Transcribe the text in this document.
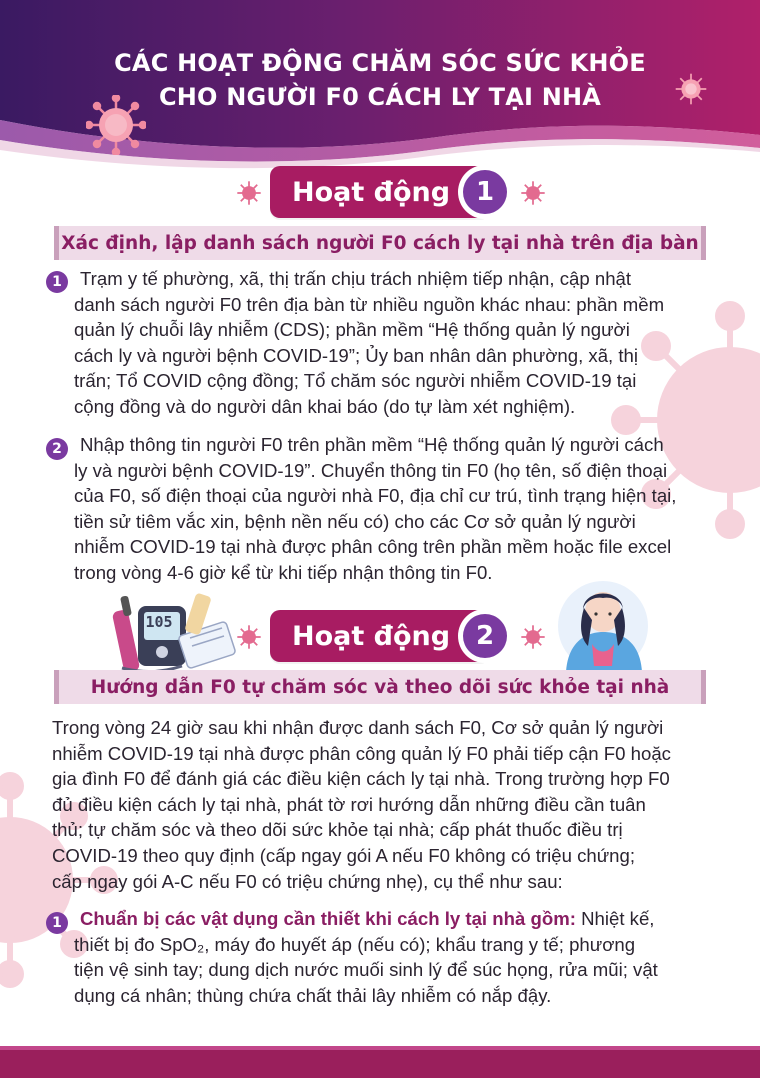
CÁC HOẠT ĐỘNG CHĂM SÓC SỨC KHỎE
CHO NGƯỜI F0 CÁCH LY TẠI NHÀ
Hoạt động 1
Xác định, lập danh sách người F0 cách ly tại nhà trên địa bàn
1 Trạm y tế phường, xã, thị trấn chịu trách nhiệm tiếp nhận, cập nhật
danh sách người F0 trên địa bàn từ nhiều nguồn khác nhau: phần mềm
quản lý chuỗi lây nhiễm (CDS); phần mềm “Hệ thống quản lý người
cách ly và người bệnh COVID-19”; Ủy ban nhân dân phường, xã, thị
trấn; Tổ COVID cộng đồng; Tổ chăm sóc người nhiễm COVID-19 tại
cộng đồng và do người dân khai báo (do tự làm xét nghiệm).
2 Nhập thông tin người F0 trên phần mềm “Hệ thống quản lý người cách
ly và người bệnh COVID-19”. Chuyển thông tin F0 (họ tên, số điện thoại
của F0, số điện thoại của người nhà F0, địa chỉ cư trú, tình trạng hiện tại,
tiền sử tiêm vắc xin, bệnh nền nếu có) cho các Cơ sở quản lý người
nhiễm COVID-19 tại nhà được phân công trên phần mềm hoặc file excel
trong vòng 4-6 giờ kể từ khi tiếp nhận thông tin F0.
105	Hoạt động 2
Hướng dẫn F0 tự chăm sóc và theo dõi sức khỏe tại nhà
Trong vòng 24 giờ sau khi nhận được danh sách F0, Cơ sở quản lý người
nhiễm COVID-19 tại nhà được phân công quản lý F0 phải tiếp cận F0 hoặc
gia đình F0 để đánh giá các điều kiện cách ly tại nhà. Trong trường hợp F0
đủ điều kiện cách ly tại nhà, phát tờ rơi hướng dẫn những điều cần tuân
thủ; tự chăm sóc và theo dõi sức khỏe tại nhà; cấp phát thuốc điều trị
COVID-19 theo quy định (cấp ngay gói A nếu F0 không có triệu chứng;
cấp ngay gói A-C nếu F0 có triệu chứng nhẹ), cụ thể như sau:
1 Chuẩn bị các vật dụng cần thiết khi cách ly tại nhà gồm: Nhiệt kế,
thiết bị đo SpO₂, máy đo huyết áp (nếu có); khẩu trang y tế; phương
tiện vệ sinh tay; dung dịch nước muối sinh lý để súc họng, rửa mũi; vật
dụng cá nhân; thùng chứa chất thải lây nhiễm có nắp đậy.
